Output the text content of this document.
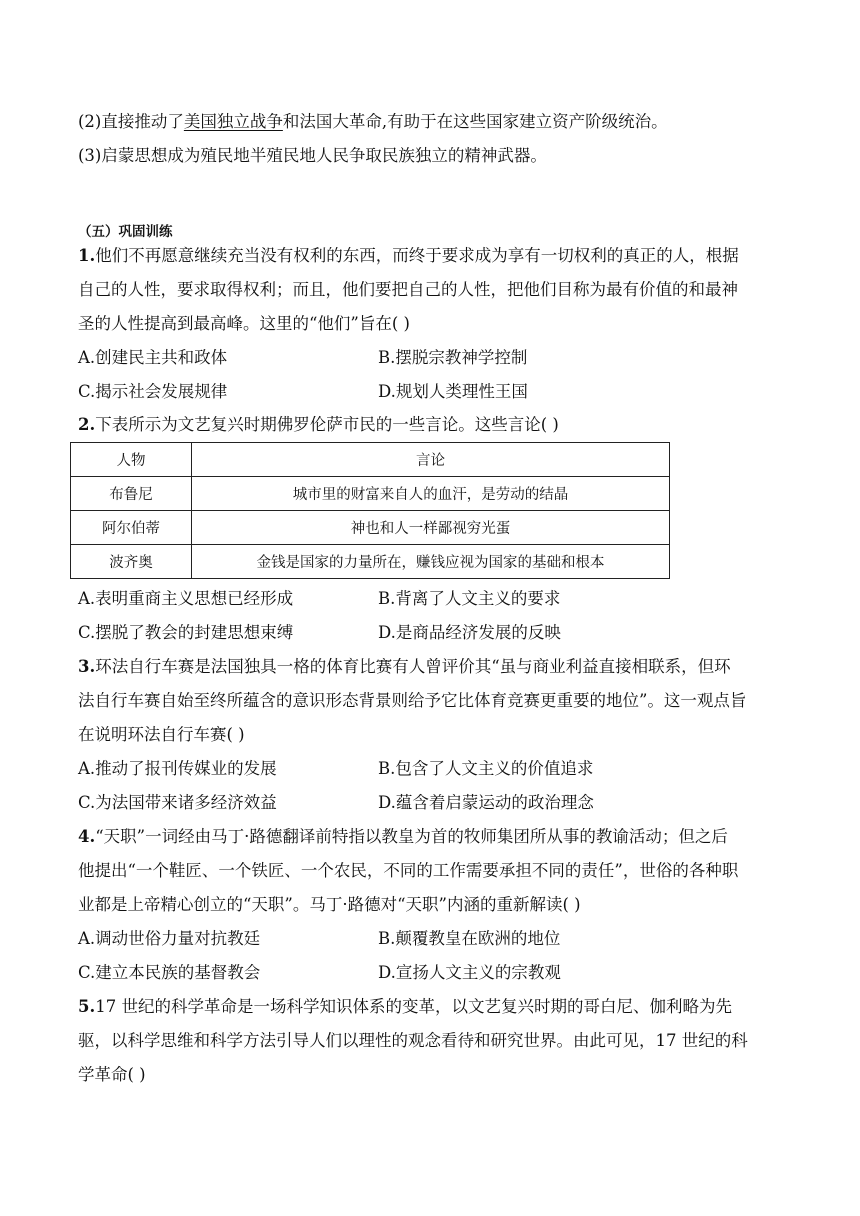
(2)直接推动了美国独立战争和法国大革命,有助于在这些国家建立资产阶级统治。
(3)启蒙思想成为殖民地半殖民地人民争取民族独立的精神武器。
（五）巩固训练
1.他们不再愿意继续充当没有权利的东西，而终于要求成为享有一切权利的真正的人，根据
自己的人性，要求取得权利；而且，他们要把自己的人性，把他们目称为最有价值的和最神
圣的人性提高到最高峰。这里的“他们”旨在( )
A.创建民主共和政体	B.摆脱宗教神学控制
C.揭示社会发展规律	D.规划人类理性王国
2.下表所示为文艺复兴时期佛罗伦萨市民的一些言论。这些言论( )
人物	言论
布鲁尼	城市里的财富来自人的血汗，是劳动的结晶
阿尔伯蒂	神也和人一样鄙视穷光蛋
波齐奥	金钱是国家的力量所在，赚钱应视为国家的基础和根本
A.表明重商主义思想已经形成	B.背离了人文主义的要求
C.摆脱了教会的封建思想束缚	D.是商品经济发展的反映
3.环法自行车赛是法国独具一格的体育比赛有人曾评价其“虽与商业利益直接相联系，但环
法自行车赛自始至终所蕴含的意识形态背景则给予它比体育竞赛更重要的地位”。这一观点旨
在说明环法自行车赛( )
A.推动了报刊传媒业的发展	B.包含了人文主义的价值追求
C.为法国带来诸多经济效益	D.蕴含着启蒙运动的政治理念
4.“天职”一词经由马丁·路德翻译前特指以教皇为首的牧师集团所从事的教谕活动；但之后
他提出“一个鞋匠、一个铁匠、一个农民，不同的工作需要承担不同的责任”，世俗的各种职
业都是上帝精心创立的“天职”。马丁·路德对“天职”内涵的重新解读( )
A.调动世俗力量对抗教廷	B.颠覆教皇在欧洲的地位
C.建立本民族的基督教会	D.宣扬人文主义的宗教观
5.17 世纪的科学革命是一场科学知识体系的变革，以文艺复兴时期的哥白尼、伽利略为先
驱，以科学思维和科学方法引导人们以理性的观念看待和研究世界。由此可见，17 世纪的科
学革命( )
